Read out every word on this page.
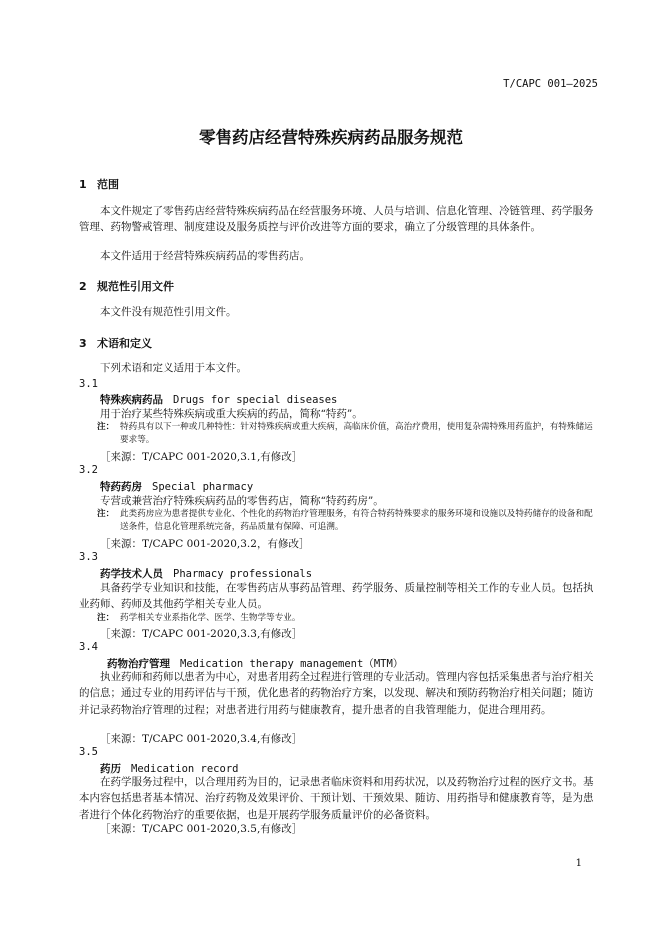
T/CAPC 001—2025
零售药店经营特殊疾病药品服务规范
1 范围
本文件规定了零售药店经营特殊疾病药品在经营服务环境、人员与培训、信息化管理、冷链管理、药学服务管理、药物警戒管理、制度建设及服务质控与评价改进等方面的要求，确立了分级管理的具体条件。
本文件适用于经营特殊疾病药品的零售药店。
2 规范性引用文件
本文件没有规范性引用文件。
3 术语和定义
下列术语和定义适用于本文件。
3.1
特殊疾病药品 Drugs for special diseases
用于治疗某些特殊疾病或重大疾病的药品，简称“特药”。
注： 特药具有以下一种或几种特性：针对特殊疾病或重大疾病，高临床价值，高治疗费用，使用复杂需特殊用药监护，有特殊储运要求等。
［来源：T/CAPC 001-2020,3.1,有修改］
3.2
特药药房 Special pharmacy
专营或兼营治疗特殊疾病药品的零售药店，简称“特药药房”。
注： 此类药房应为患者提供专业化、个性化的药物治疗管理服务，有符合特药特殊要求的服务环境和设施以及特药储存的设备和配送条件，信息化管理系统完备，药品质量有保障、可追溯。
［来源：T/CAPC 001-2020,3.2，有修改］
3.3
药学技术人员 Pharmacy professionals
具备药学专业知识和技能，在零售药店从事药品管理、药学服务、质量控制等相关工作的专业人员。包括执业药师、药师及其他药学相关专业人员。
注： 药学相关专业系指化学、医学、生物学等专业。
［来源：T/CAPC 001-2020,3.3,有修改］
3.4
药物治疗管理 Medication therapy management（MTM）
执业药师和药师以患者为中心，对患者用药全过程进行管理的专业活动。管理内容包括采集患者与治疗相关的信息；通过专业的用药评估与干预，优化患者的药物治疗方案，以发现、解决和预防药物治疗相关问题；随访并记录药物治疗管理的过程；对患者进行用药与健康教育，提升患者的自我管理能力，促进合理用药。
［来源：T/CAPC 001-2020,3.4,有修改］
3.5
药历 Medication record
在药学服务过程中，以合理用药为目的，记录患者临床资料和用药状况，以及药物治疗过程的医疗文书。基本内容包括患者基本情况、治疗药物及效果评价、干预计划、干预效果、随访、用药指导和健康教育等，是为患者进行个体化药物治疗的重要依据，也是开展药学服务质量评价的必备资料。
［来源：T/CAPC 001-2020,3.5,有修改］
1
